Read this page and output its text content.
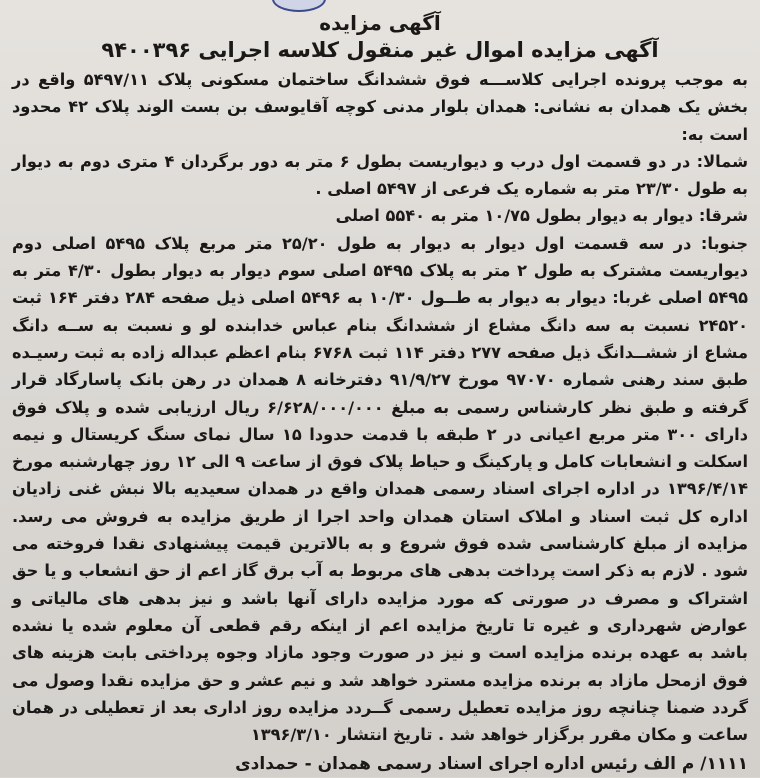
آگهی مزایده

آگهی مزایده اموال غیر منقول کلاسه اجرایی ۹۴۰۰۳۹۶

به موجب پرونده اجرایی کلاســـه فوق ششدانگ ساختمان مسکونی پلاک ۵۴۹۷/۱۱ واقع در بخش یک همدان به نشانی: همدان بلوار مدنی کوچه آقایوسف بن بست الوند پلاک ۴۲ محدود است به:

شمالا: در دو قسمت اول درب و دیواریست بطول ۶ متر به دور برگردان ۴ متری دوم به دیوار به طول ۲۳/۳۰ متر به شماره یک فرعی از ۵۴۹۷ اصلی .

شرقا: دیوار به دیوار بطول ۱۰/۷۵ متر به ۵۵۴۰ اصلی

جنوبا: در سه قسمت اول دیوار به دیوار به طول ۲۵/۲۰ متر مربع پلاک ۵۴۹۵ اصلی دوم دیواریست مشترک به طول ۲ متر به پلاک ۵۴۹۵ اصلی سوم دیوار به دیوار بطول ۴/۳۰ متر به ۵۴۹۵ اصلی غربا: دیوار به دیوار به طــول ۱۰/۳۰ به ۵۴۹۶ اصلی ذیل صفحه ۲۸۴ دفتر ۱۶۴ ثبت ۲۴۵۲۰ نسبت به سه دانگ مشاع از ششدانگ بنام عباس خدابنده لو و نسبت به ســه دانگ مشاع از ششــدانگ ذیل صفحه ۲۷۷ دفتر ۱۱۴ ثبت ۶۷۶۸ بنام اعظم عبداله زاده به ثبت رسیـده طبق سند رهنی شماره ۹۷۰۷۰ مورخ ۹۱/۹/۲۷ دفترخانه ۸ همدان در رهن بانک پاسارگاد قرار گرفته و طبق نظر کارشناس رسمی به مبلغ ۶/۶۲۸/۰۰۰/۰۰۰ ریال ارزیابی شده و پلاک فوق دارای ۳۰۰ متر مربع اعیانی در ۲ طبقه با قدمت حدودا ۱۵ سال نمای سنگ کریستال و نیمه اسکلت و انشعابات کامل و پارکینگ و حیاط پلاک فوق از ساعت ۹ الی ۱۲ روز چهارشنبه مورخ ۱۳۹۶/۴/۱۴ در اداره اجرای اسناد رسمی همدان واقع در همدان سعیدیه بالا نبش غنی زادیان اداره کل ثبت اسناد و املاک استان همدان واحد اجرا از طریق مزایده به فروش می رسد. مزایده از مبلغ کارشناسی شده فوق شروع و به بالاترین قیمت پیشنهادی نقدا فروخته می شود . لازم به ذکر است پرداخت بدهی های مربوط به آب برق گاز اعم از حق انشعاب و یا حق اشتراک و مصرف در صورتی که مورد مزایده دارای آنها باشد و نیز بدهی های مالیاتی و عوارض شهرداری و غیره تا تاریخ مزایده اعم از اینکه رقم قطعی آن معلوم شده یا نشده باشد به عهده برنده مزایده است و نیز در صورت وجود مازاد وجوه پرداختی بابت هزینه های فوق ازمحل مازاد به برنده مزایده مسترد خواهد شد و نیم عشر و حق مزایده نقدا وصول می گردد ضمنا چنانچه روز مزایده تعطیل رسمی گــردد مزایده روز اداری بعد از تعطیلی در همان ساعت و مکان مقرر برگزار خواهد شد . تاریخ انتشار ۱۳۹۶/۳/۱۰

۱۱۱۱/ م الف رئیس اداره اجرای اسناد رسمی همدان - حمدادی
